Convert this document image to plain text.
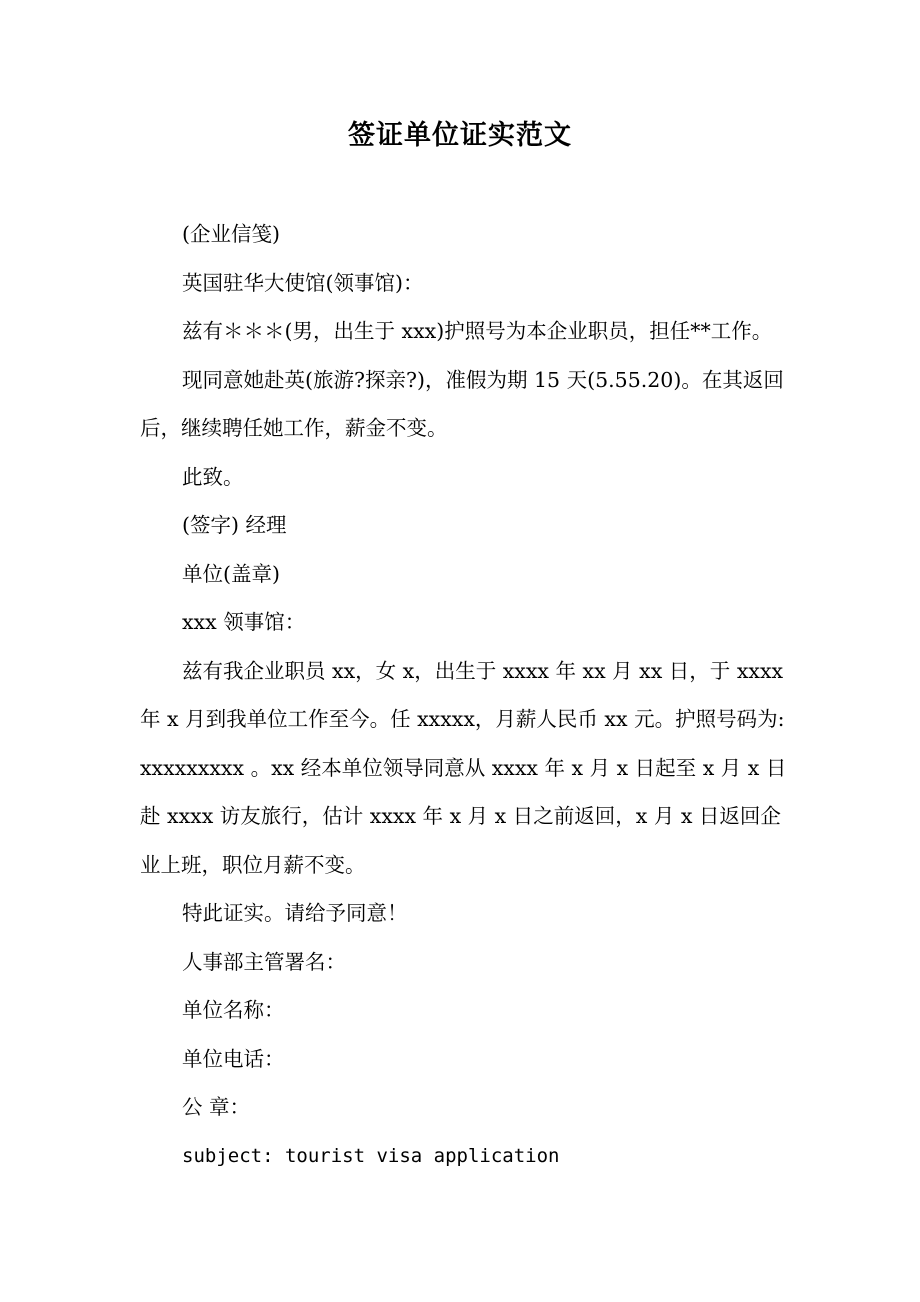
签证单位证实范文

(企业信笺)

英国驻华大使馆(领事馆)：

兹有＊＊＊(男，出生于 xxx)护照号为本企业职员，担任**工作。

现同意她赴英(旅游?探亲?)，准假为期 15 天(5.55.20)。在其返回后，继续聘任她工作，薪金不变。

此致。

(签字) 经理

单位(盖章)

xxx 领事馆：

兹有我企业职员 xx，女 x，出生于 xxxx 年 xx 月 xx 日，于 xxxx 年 x 月到我单位工作至今。任 xxxxx，月薪人民币 xx 元。护照号码为: xxxxxxxxx 。xx 经本单位领导同意从 xxxx 年 x 月 x 日起至 x 月 x 日赴 xxxx 访友旅行，估计 xxxx 年 x 月 x 日之前返回，x 月 x 日返回企业上班，职位月薪不变。

特此证实。请给予同意！

人事部主管署名：

单位名称：

单位电话：

公 章：

subject: tourist visa application
